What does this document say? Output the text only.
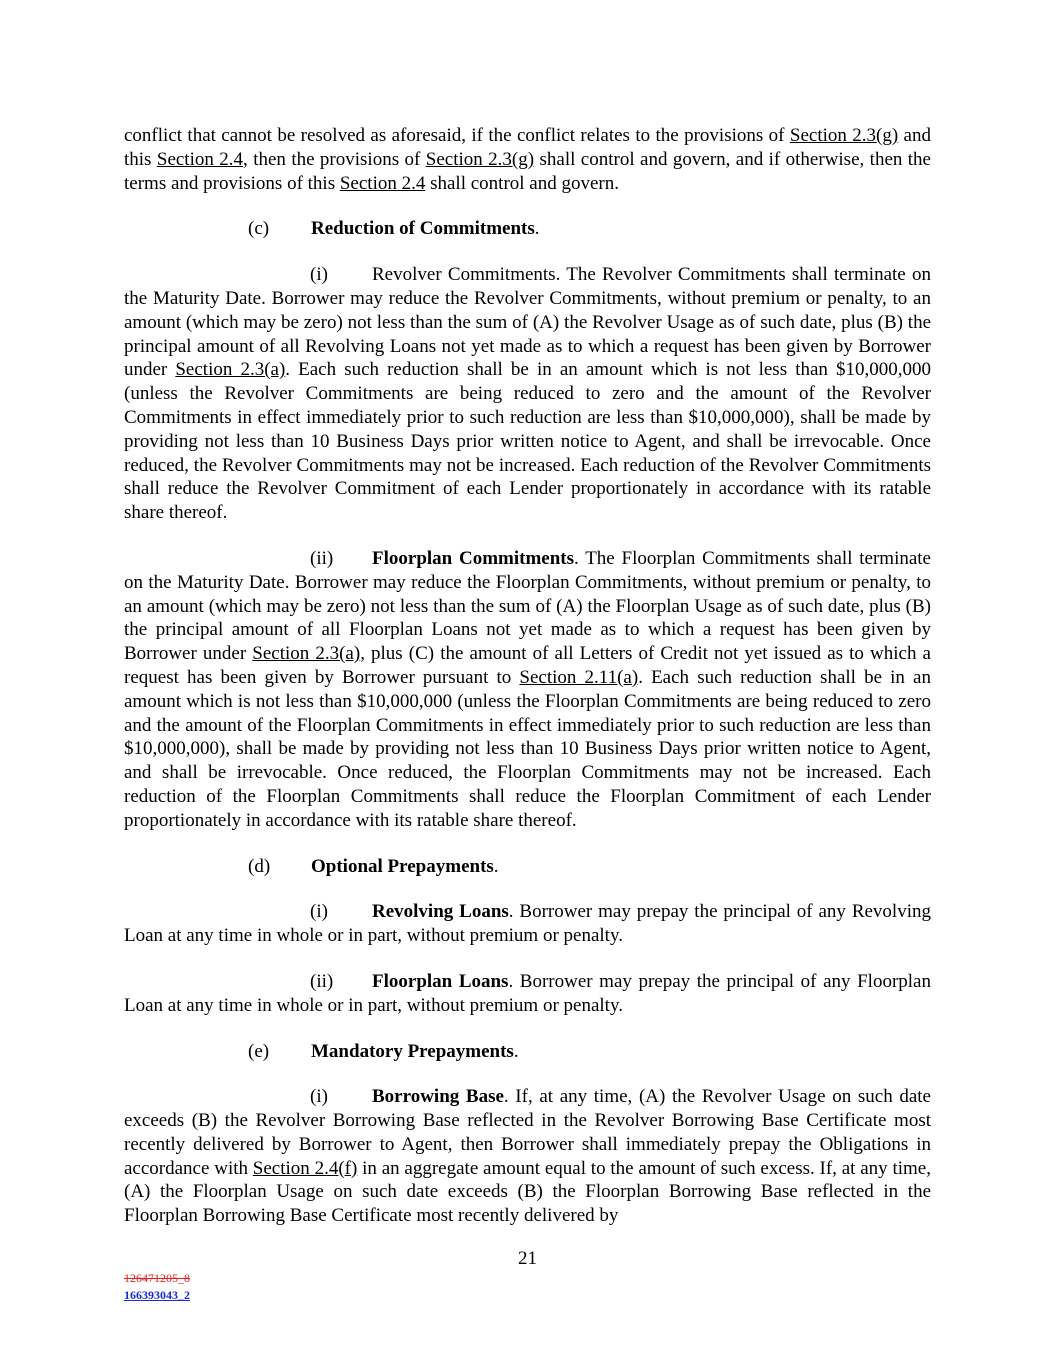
conflict that cannot be resolved as aforesaid, if the conflict relates to the provisions of Section 2.3(g) and this Section 2.4, then the provisions of Section 2.3(g) shall control and govern, and if otherwise, then the terms and provisions of this Section 2.4 shall control and govern.

(c) Reduction of Commitments.

(i) Revolver Commitments. The Revolver Commitments shall terminate on the Maturity Date. Borrower may reduce the Revolver Commitments, without premium or penalty, to an amount (which may be zero) not less than the sum of (A) the Revolver Usage as of such date, plus (B) the principal amount of all Revolving Loans not yet made as to which a request has been given by Borrower under Section 2.3(a). Each such reduction shall be in an amount which is not less than $10,000,000 (unless the Revolver Commitments are being reduced to zero and the amount of the Revolver Commitments in effect immediately prior to such reduction are less than $10,000,000), shall be made by providing not less than 10 Business Days prior written notice to Agent, and shall be irrevocable. Once reduced, the Revolver Commitments may not be increased. Each reduction of the Revolver Commitments shall reduce the Revolver Commitment of each Lender proportionately in accordance with its ratable share thereof.

(ii) Floorplan Commitments. The Floorplan Commitments shall terminate on the Maturity Date. Borrower may reduce the Floorplan Commitments, without premium or penalty, to an amount (which may be zero) not less than the sum of (A) the Floorplan Usage as of such date, plus (B) the principal amount of all Floorplan Loans not yet made as to which a request has been given by Borrower under Section 2.3(a), plus (C) the amount of all Letters of Credit not yet issued as to which a request has been given by Borrower pursuant to Section 2.11(a). Each such reduction shall be in an amount which is not less than $10,000,000 (unless the Floorplan Commitments are being reduced to zero and the amount of the Floorplan Commitments in effect immediately prior to such reduction are less than $10,000,000), shall be made by providing not less than 10 Business Days prior written notice to Agent, and shall be irrevocable. Once reduced, the Floorplan Commitments may not be increased. Each reduction of the Floorplan Commitments shall reduce the Floorplan Commitment of each Lender proportionately in accordance with its ratable share thereof.

(d) Optional Prepayments.

(i) Revolving Loans. Borrower may prepay the principal of any Revolving Loan at any time in whole or in part, without premium or penalty.

(ii) Floorplan Loans. Borrower may prepay the principal of any Floorplan Loan at any time in whole or in part, without premium or penalty.

(e) Mandatory Prepayments.

(i) Borrowing Base. If, at any time, (A) the Revolver Usage on such date exceeds (B) the Revolver Borrowing Base reflected in the Revolver Borrowing Base Certificate most recently delivered by Borrower to Agent, then Borrower shall immediately prepay the Obligations in accordance with Section 2.4(f) in an aggregate amount equal to the amount of such excess. If, at any time, (A) the Floorplan Usage on such date exceeds (B) the Floorplan Borrowing Base reflected in the Floorplan Borrowing Base Certificate most recently delivered by

21
126471205_8
166393043_2
